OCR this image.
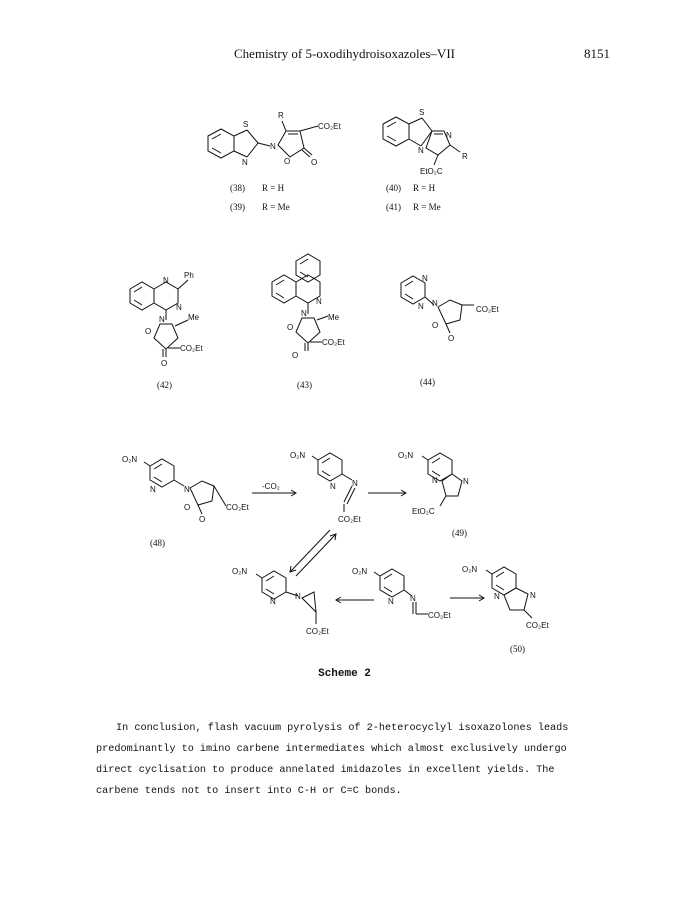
Chemistry of 5-oxodihydroisoxazoles–VII	8151
S
N
N
O	O
R
CO₂Et
(38) R = H
(39) R = Me
S
N
N
R
EtO₂C
(40) R = H
(41) R = Me
N
Ph
N
N	Me
O
CO₂Et
O
(42)
N
N	Me
O
CO₂Et
O
(43)
N
N N
O
CO₂Et
O
(44)
O₂N
N	N
O	CO₂Et
O
(48)
-CO₂
O₂N
N N
CO₂Et
O₂N
N
N
EtO₂C
(49)
O₂N
N
N
CO₂Et
O₂N
N N
CO₂Et
O₂N
N
N
CO₂Et
(50)
Scheme 2

In conclusion, flash vacuum pyrolysis of 2-heterocyclyl isoxazolones leads
predominantly to imino carbene intermediates which almost exclusively undergo
direct cyclisation to produce annelated imidazoles in excellent yields. The
carbene tends not to insert into C-H or C=C bonds.
